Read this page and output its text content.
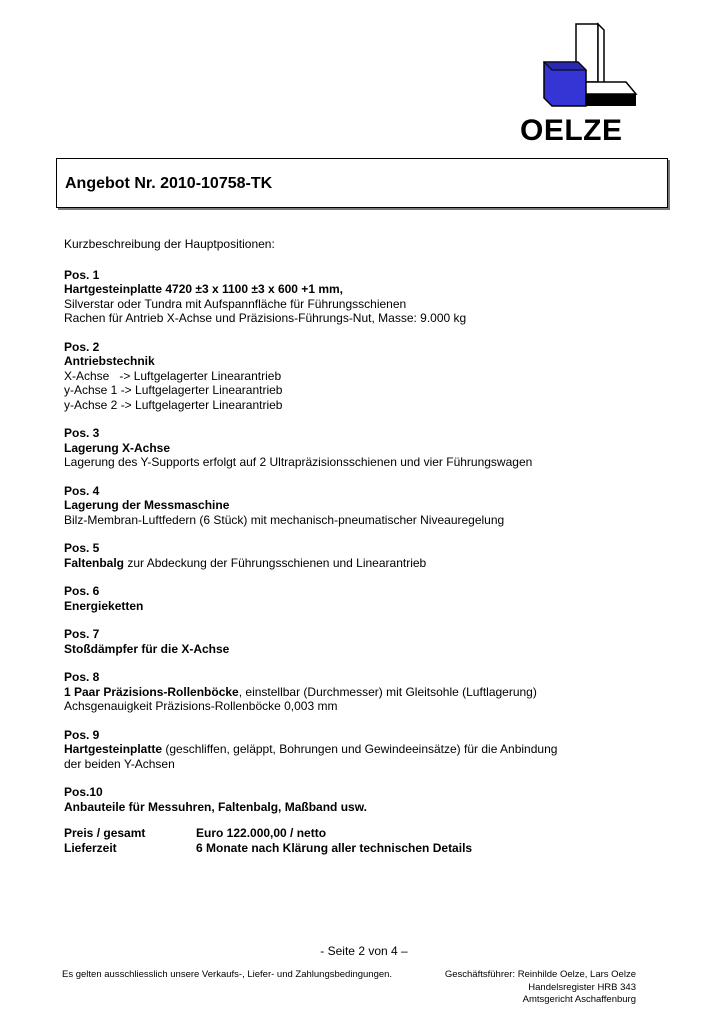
OELZE
Angebot Nr. 2010-10758-TK
Kurzbeschreibung der Hauptpositionen:
Pos. 1
Hartgesteinplatte 4720 ±3 x 1100 ±3 x 600 +1 mm,
Silverstar oder Tundra mit Aufspannfläche für Führungsschienen
Rachen für Antrieb X-Achse und Präzisions-Führungs-Nut, Masse: 9.000 kg
Pos. 2
Antriebstechnik
X-Achse   -> Luftgelagerter Linearantrieb
y-Achse 1 -> Luftgelagerter Linearantrieb
y-Achse 2 -> Luftgelagerter Linearantrieb
Pos. 3
Lagerung X-Achse
Lagerung des Y-Supports erfolgt auf 2 Ultrapräzisionsschienen und vier Führungswagen
Pos. 4
Lagerung der Messmaschine
Bilz-Membran-Luftfedern (6 Stück) mit mechanisch-pneumatischer Niveauregelung
Pos. 5
Faltenbalg zur Abdeckung der Führungsschienen und Linearantrieb
Pos. 6
Energieketten
Pos. 7
Stoßdämpfer für die X-Achse
Pos. 8
1 Paar Präzisions-Rollenböcke, einstellbar (Durchmesser) mit Gleitsohle (Luftlagerung)
Achsgenauigkeit Präzisions-Rollenböcke 0,003 mm
Pos. 9
Hartgesteinplatte (geschliffen, geläppt, Bohrungen und Gewindeeinsätze) für die Anbindung
der beiden Y-Achsen
Pos.10
Anbauteile für Messuhren, Faltenbalg, Maßband usw.
Preis / gesamt	Euro 122.000,00 / netto
Lieferzeit	6 Monate nach Klärung aller technischen Details
- Seite 2 von 4 –
Es gelten ausschliesslich unsere Verkaufs-, Liefer- und Zahlungsbedingungen.	Geschäftsführer: Reinhilde Oelze, Lars Oelze
Handelsregister HRB 343
Amtsgericht Aschaffenburg
